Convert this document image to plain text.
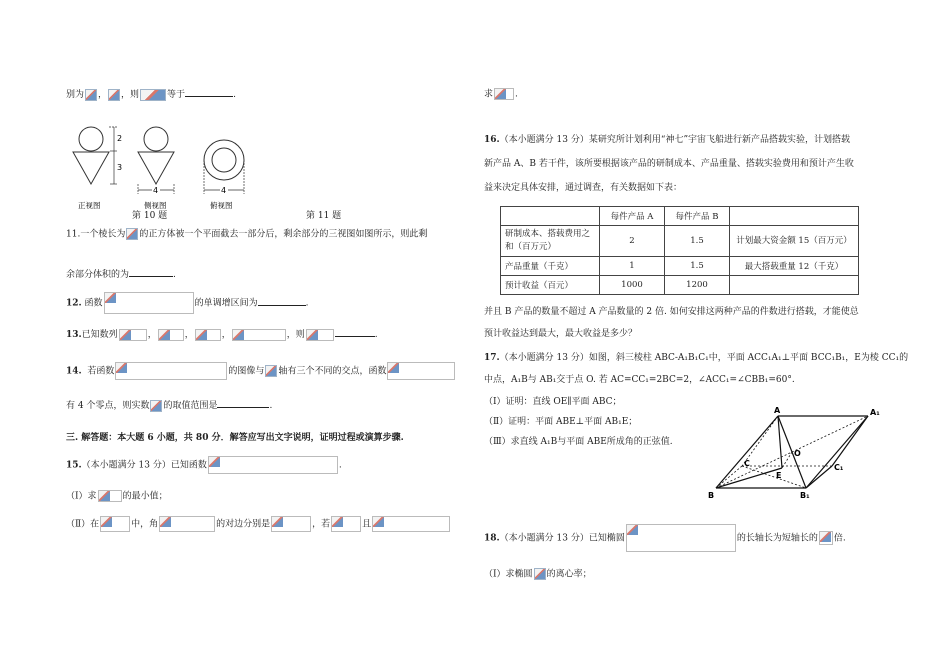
别为 ， ，则	等于	.
2
3
正视图
4
侧视图
4
俯视图
第 10 题	第 11 题
11.一个棱长为 的正方体被一个平面截去一部分后，剩余部分的三视图如图所示，则此剩
余部分体积的为	.
12. 函数	的单调增区间为	.
13.已知数列	，	，	，	，则	.
14. 若函数	的图像与 轴有三个不同的交点，函数
有 4 个零点，则实数 的取值范围是	.
三. 解答题：本大题 6 小题，共 80 分．解答应写出文字说明，证明过程或演算步骤.
15.（本小题满分 13 分）已知函数	.
（Ⅰ）求	的最小值；
（Ⅱ）在	中，角	的对边分别是	，若	且
求 .
16.（本小题满分 13 分）某研究所计划利用“神七”宇宙飞船进行新产品搭载实验，计划搭载
新产品 A、B 若干件，该所要根据该产品的研制成本、产品重量、搭载实验费用和预计产生收
益来决定具体安排，通过调查，有关数据如下表：
	每件产品 A	每件产品 B	
研制成本、搭载费用之和（百万元）	2	1.5	计划最大资金额 15（百万元）
产品重量（千克）	1	1.5	最大搭载重量 12（千克）
预计收益（百元）	1000	1200	
并且 B 产品的数量不超过 A 产品数量的 2 倍. 如何安排这两种产品的件数进行搭载，才能使总
预计收益达到最大，最大收益是多少？
17.（本小题满分 13 分）如图，斜三棱柱 ABC-A₁B₁C₁中，平面 ACC₁A₁⊥平面 BCC₁B₁，E为棱 CC₁的
中点，A₁B与 AB₁交于点 O. 若 AC=CC₁=2BC=2，∠ACC₁=∠CBB₁=60°.
（Ⅰ）证明：直线 OE∥平面 ABC；
（Ⅱ）证明：平面 ABE⊥平面 AB₁E；
（Ⅲ）求直线 A₁B与平面 ABE所成角的正弦值.
A	A₁
B	B₁
C	C₁
E
O
18.（本小题满分 13 分）已知椭圆	的长轴长为短轴长的 倍.
（Ⅰ）求椭圆 的离心率；
